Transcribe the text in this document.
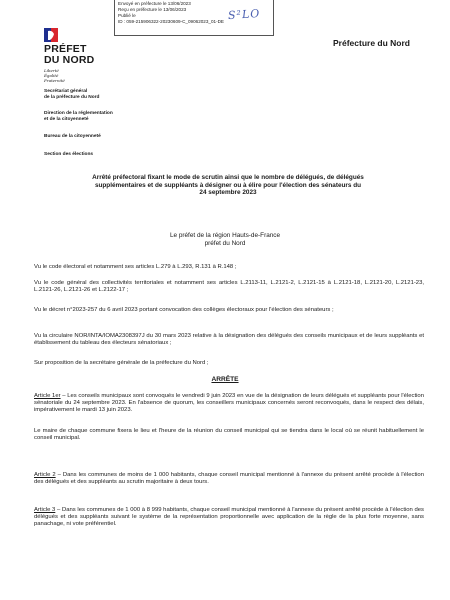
Envoyé en préfecture le 13/06/2023
Reçu en préfecture le 13/06/2023
Publié le
ID : 059-215906322-20230609-C_09062023_01-DE S²LO
PRÉFET
DU NORD
Liberté
Égalité
Fraternité
Préfecture du Nord
Secrétariat général
de la préfecture du Nord
Direction de la réglementation
et de la citoyenneté
Bureau de la citoyenneté
Section des élections
Arrêté préfectoral fixant le mode de scrutin ainsi que le nombre de délégués, de délégués
supplémentaires et de suppléants à désigner ou à élire pour l'élection des sénateurs du
24 septembre 2023
Le préfet de la région Hauts-de-France
préfet du Nord
Vu le code électoral et notamment ses articles L.279 à L.293, R.131 à R.148 ;
Vu le code général des collectivités territoriales et notamment ses articles L.2113-11, L.2121-2, L.2121-15 à L.2121-18, L.2121-20, L.2121-23, L.2121-26, L.2121-26 et L.2122-17 ;
Vu le décret n°2023-257 du 6 avril 2023 portant convocation des collèges électoraux pour l'élection des sénateurs ;
Vu la circulaire NOR/INTA/IOMA2308397J du 30 mars 2023 relative à la désignation des délégués des conseils municipaux et de leurs suppléants et établissement du tableau des électeurs sénatoriaux ;
Sur proposition de la secrétaire générale de la préfecture du Nord ;
ARRÊTE
Article 1er – Les conseils municipaux sont convoqués le vendredi 9 juin 2023 en vue de la désignation de leurs délégués et suppléants pour l'élection sénatoriale du 24 septembre 2023. En l'absence de quorum, les conseillers municipaux concernés seront reconvoqués, dans le respect des délais, impérativement le mardi 13 juin 2023.
Le maire de chaque commune fixera le lieu et l'heure de la réunion du conseil municipal qui se tiendra dans le local où se réunit habituellement le conseil municipal.
Article 2 – Dans les communes de moins de 1 000 habitants, chaque conseil municipal mentionné à l'annexe du présent arrêté procède à l'élection des délégués et des suppléants au scrutin majoritaire à deux tours.
Article 3 – Dans les communes de 1 000 à 8 999 habitants, chaque conseil municipal mentionné à l'annexe du présent arrêté procède à l'élection des délégués et des suppléants suivant le système de la représentation proportionnelle avec application de la règle de la plus forte moyenne, sans panachage, ni vote préférentiel.
